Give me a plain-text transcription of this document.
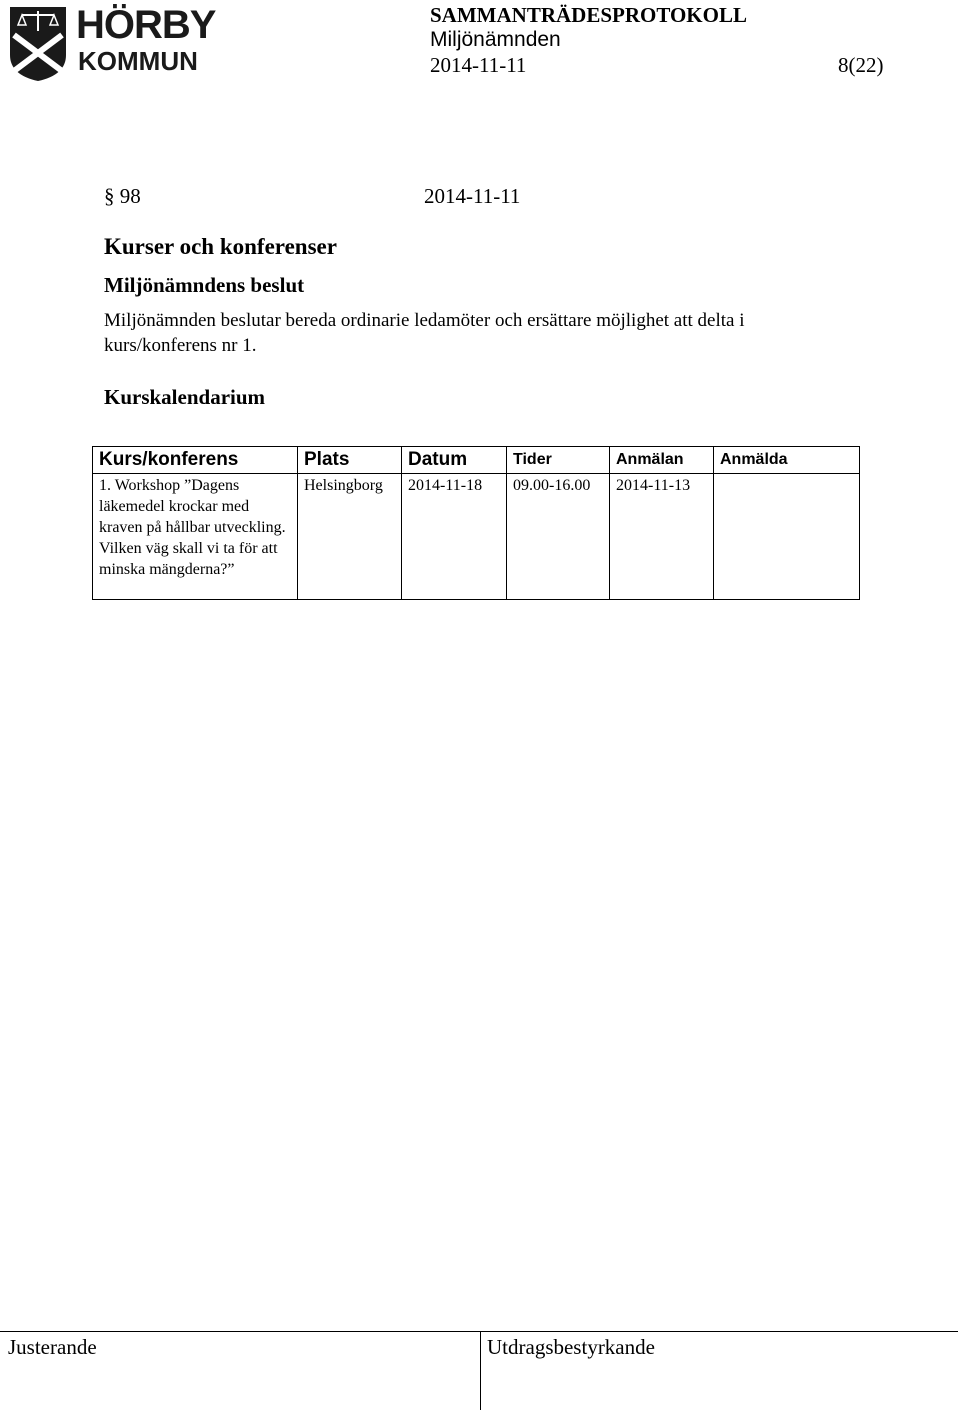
HÖRBY
KOMMUN
SAMMANTRÄDESPROTOKOLL
Miljönämnden
2014-11-11	8(22)
§ 98	2014-11-11
Kurser och konferenser
Miljönämndens beslut
Miljönämnden beslutar bereda ordinarie ledamöter och ersättare möjlighet att delta i kurs/konferens nr 1.
Kurskalendarium
Kurs/konferens	Plats	Datum	Tider	Anmälan	Anmälda
1. Workshop ”Dagens läkemedel krockar med kraven på hållbar utveckling. Vilken väg skall vi ta för att minska mängderna?”	Helsingborg	2014-11-18	09.00-16.00	2014-11-13	
Justerande	Utdragsbestyrkande
